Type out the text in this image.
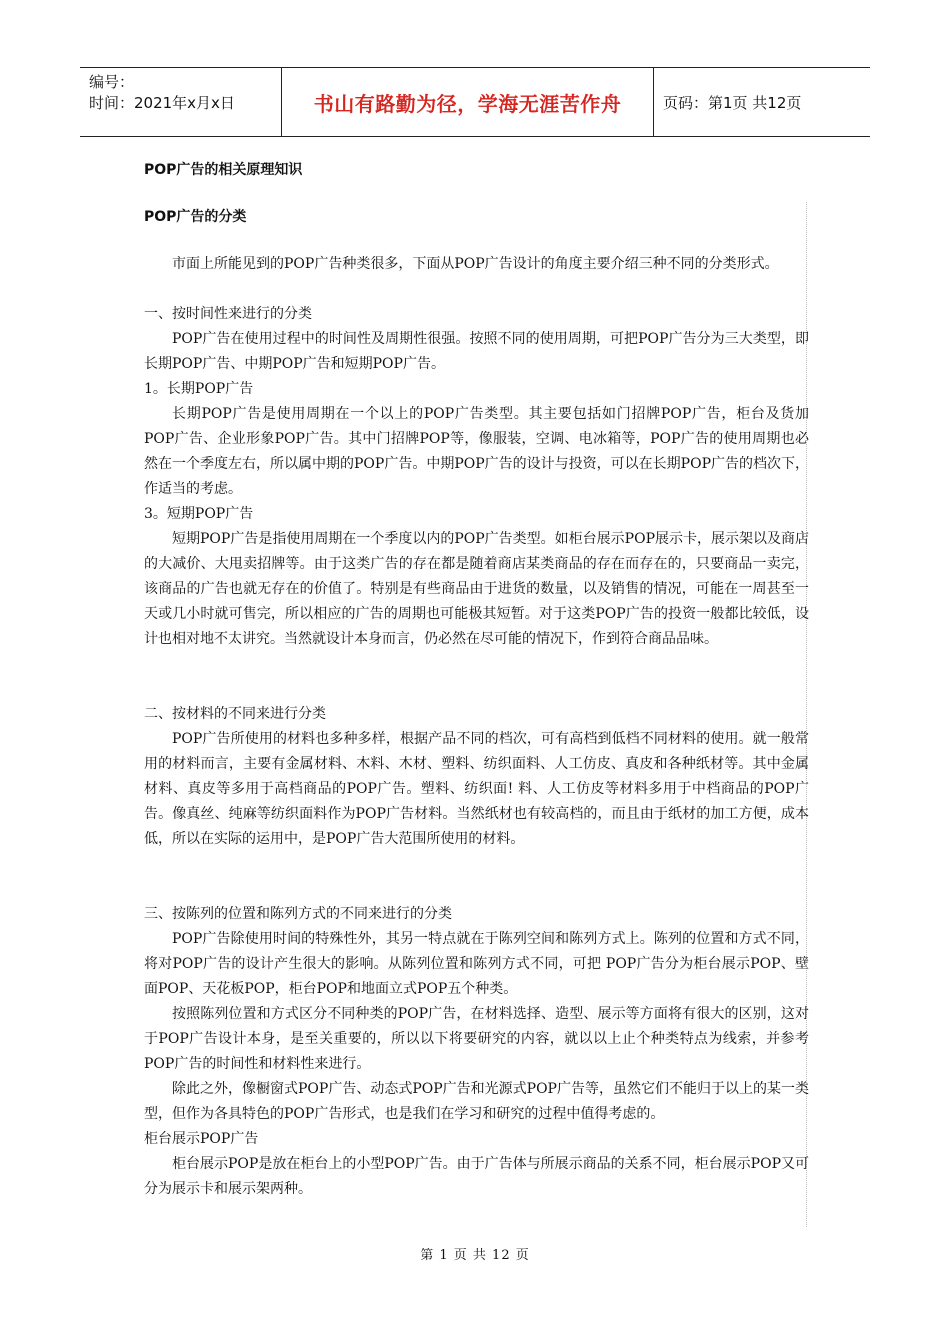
编号：
时间：2021年x月x日	书山有路勤为径，学海无涯苦作舟	页码：第1页 共12页

POP广告的相关原理知识

POP广告的分类

市面上所能见到的POP广告种类很多，下面从POP广告设计的角度主要介绍三种不同的分类形式。

一、按时间性来进行的分类

POP广告在使用过程中的时间性及周期性很强。按照不同的使用周期，可把POP广告分为三大类型，即长期POP广告、中期POP广告和短期POP广告。

1。长期POP广告

长期POP广告是使用周期在一个以上的POP广告类型。其主要包括如门招牌POP广告，柜台及货加POP广告、企业形象POP广告。其中门招牌POP等，像服装，空调、电冰箱等，POP广告的使用周期也必然在一个季度左右，所以属中期的POP广告。中期POP广告的设计与投资，可以在长期POP广告的档次下，作适当的考虑。

3。短期POP广告

短期POP广告是指使用周期在一个季度以内的POP广告类型。如柜台展示POP展示卡，展示架以及商店的大减价、大甩卖招牌等。由于这类广告的存在都是随着商店某类商品的存在而存在的，只要商品一卖完，该商品的广告也就无存在的价值了。特别是有些商品由于进货的数量，以及销售的情况，可能在一周甚至一天或几小时就可售完，所以相应的广告的周期也可能极其短暂。对于这类POP广告的投资一般都比较低，设计也相对地不太讲究。当然就设计本身而言，仍必然在尽可能的情况下，作到符合商品品味。

二、按材料的不同来进行分类

POP广告所使用的材料也多种多样，根据产品不同的档次，可有高档到低档不同材料的使用。就一般常用的材料而言，主要有金属材料、木料、木材、塑料、纺织面料、人工仿皮、真皮和各种纸材等。其中金属材料、真皮等多用于高档商品的POP广告。塑料、纺织面! 料、人工仿皮等材料多用于中档商品的POP广告。像真丝、纯麻等纺织面料作为POP广告材料。当然纸材也有较高档的，而且由于纸材的加工方便，成本低，所以在实际的运用中，是POP广告大范围所使用的材料。

三、按陈列的位置和陈列方式的不同来进行的分类

POP广告除使用时间的特殊性外，其另一特点就在于陈列空间和陈列方式上。陈列的位置和方式不同，将对POP广告的设计产生很大的影响。从陈列位置和陈列方式不同，可把 POP广告分为柜台展示POP、壁面POP、天花板POP，柜台POP和地面立式POP五个种类。

按照陈列位置和方式区分不同种类的POP广告，在材料选择、造型、展示等方面将有很大的区别，这对于POP广告设计本身，是至关重要的，所以以下将要研究的内容，就以以上止个种类特点为线索，并参考POP广告的时间性和材料性来进行。

除此之外，像橱窗式POP广告、动态式POP广告和光源式POP广告等，虽然它们不能归于以上的某一类型，但作为各具特色的POP广告形式，也是我们在学习和研究的过程中值得考虑的。

柜台展示POP广告

柜台展示POP是放在柜台上的小型POP广告。由于广告体与所展示商品的关系不同，柜台展示POP又可分为展示卡和展示架两种。

第 1 页 共 12 页
